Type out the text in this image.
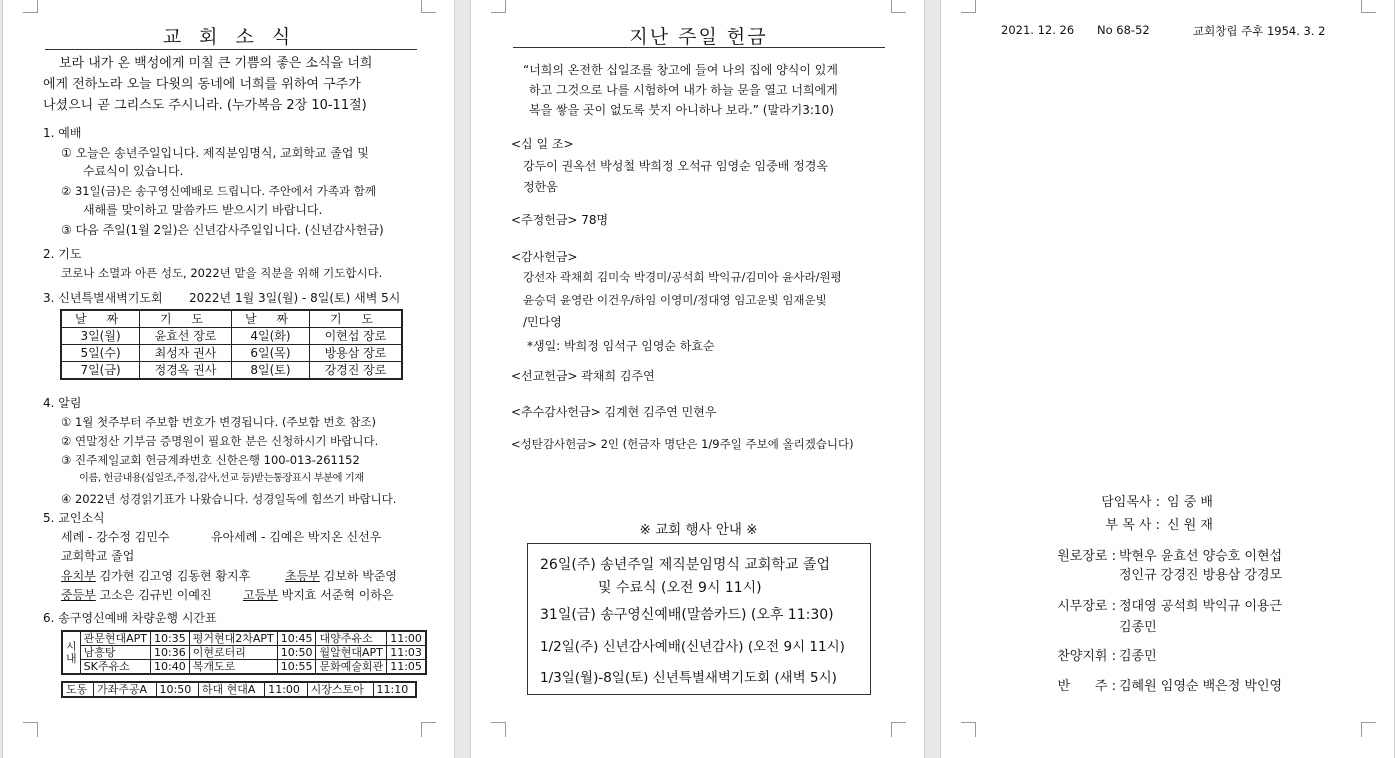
교 회 소 식
보라 내가 온 백성에게 미칠 큰 기쁨의 좋은 소식을 너희
에게 전하노라 오늘 다윗의 동네에 너희를 위하여 구주가
나셨으니 곧 그리스도 주시니라. (누가복음 2장 10-11절)
1. 예배
① 오늘은 송년주일입니다. 제직분임명식, 교회학교 졸업 및
수료식이 있습니다.
② 31일(금)은 송구영신예배로 드립니다. 주안에서 가족과 함께
새해를 맞이하고 말씀카드 받으시기 바랍니다.
③ 다음 주일(1월 2일)은 신년감사주일입니다. (신년감사헌금)
2. 기도
코로나 소멸과 아픈 성도, 2022년 맡을 직분을 위해 기도합시다.
3. 신년특별새벽기도회 2022년 1월 3일(월) - 8일(토) 새벽 5시
날 짜	기 도	날 짜	기 도
3일(월)	윤효선 장로	4일(화)	이현섭 장로
5일(수)	최성자 권사	6일(목)	방용삼 장로
7일(금)	정경옥 권사	8일(토)	강경진 장로
4. 알림
① 1월 첫주부터 주보함 번호가 변경됩니다. (주보함 번호 참조)
② 연말정산 기부금 증명원이 필요한 분은 신청하시기 바랍니다.
③ 진주제일교회 헌금계좌번호 신한은행 100-013-261152
이름, 헌금내용(십일조,주정,감사,선교 등)받는통장표시 부분에 기재
④ 2022년 성경읽기표가 나왔습니다. 성경일독에 힘쓰기 바랍니다.
5. 교인소식
세례 - 강수정 김민수	유아세례 - 김예은 박지온 신선우
교회학교 졸업
유치부 김가현 김고영 김동현 황지후	초등부 김보하 박준영
중등부 고소은 김규빈 이예진	고등부 박지효 서준혁 이하은
6. 송구영신예배 차량운행 시간표
시내	관문현대APT	10:35	평거현대2차APT	10:45	대양주유소	11:00
	남흥탕	10:36	이현로터리	10:50	월알현대APT	11:03
	SK주유소	10:40	복개도로	10:55	문화예술회관	11:05
도동	가좌주공A	10:50	하대 현대A	11:00	시장스토아	11:10
지난 주일 헌금
“너희의 온전한 십일조를 창고에 들여 나의 집에 양식이 있게
하고 그것으로 나를 시험하여 내가 하늘 문을 열고 너희에게
복을 쌓을 곳이 없도록 붓지 아니하나 보라.” (말라기3:10)
<십 일 조>
강두이 권옥선 박성철 박희정 오석규 임영순 임중배 정경옥
정한움
<주정헌금> 78명
<감사헌금>
강선자 곽채희 김미숙 박경미/공석희 박익규/김미아 윤사라/원평
윤승덕 윤영란 이건우/하임 이영미/정대영 임고운빛 임재운빛
/민다영
*생일: 박희정 임석구 임영순 하효순
<선교헌금> 곽채희 김주연
<추수감사헌금> 김계현 김주연 민현우
<성탄감사헌금> 2인 (헌금자 명단은 1/9주일 주보에 올리겠습니다)
※ 교회 행사 안내 ※
26일(주) 송년주일 제직분임명식 교회학교 졸업
및 수료식 (오전 9시 11시)
31일(금) 송구영신예배(말씀카드) (오후 11:30)
1/2일(주) 신년감사예배(신년감사) (오전 9시 11시)
1/3일(월)-8일(토) 신년특별새벽기도회 (새벽 5시)
2021. 12. 26 No 68-52	교회창립 주후 1954. 3. 2
담임목사 : 임 중 배
부 목 사 : 신 원 재
원로장로 : 박현우 윤효선 양승호 이현섭
정인규 강경진 방용삼 강경모
시무장로 : 정대영 공석희 박익규 이용근
김종민
찬양지휘 : 김종민
반      주 : 김혜원 임영순 백은정 박인영
